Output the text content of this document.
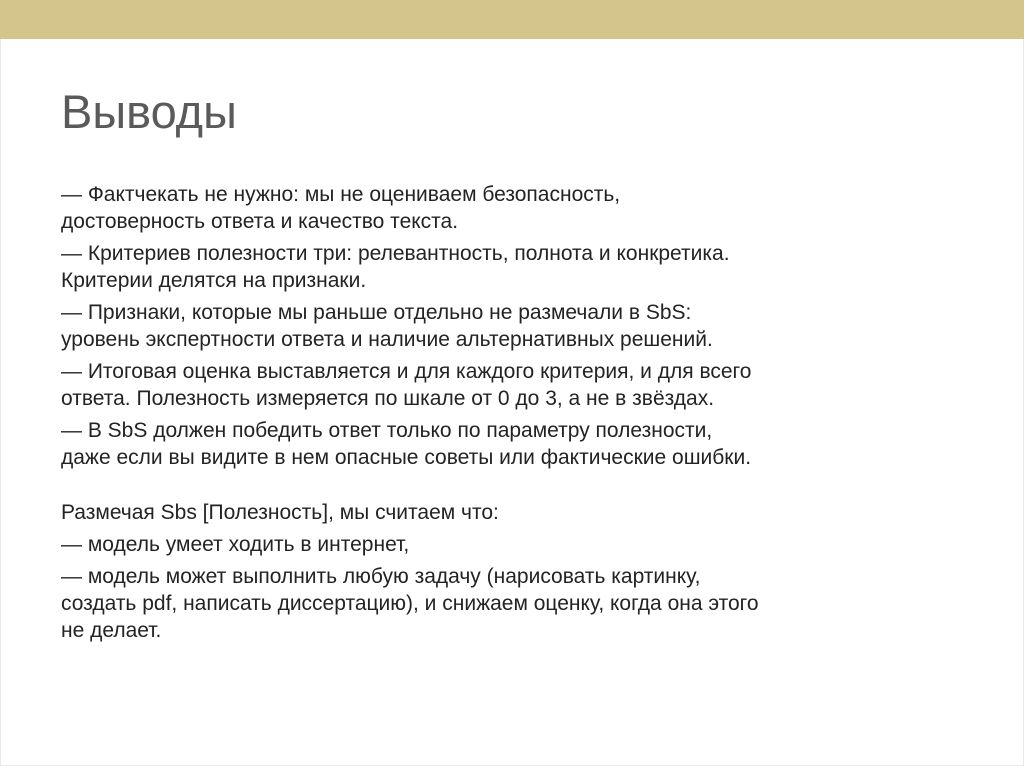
Выводы

— Фактчекать не нужно: мы не оцениваем безопасность,
достоверность ответа и качество текста.

— Критериев полезности три: релевантность, полнота и конкретика.
Критерии делятся на признаки.

— Признаки, которые мы раньше отдельно не размечали в SbS:
уровень экспертности ответа и наличие альтернативных решений.

— Итоговая оценка выставляется и для каждого критерия, и для всего
ответа. Полезность измеряется по шкале от 0 до 3, а не в звёздах.

— В SbS должен победить ответ только по параметру полезности,
даже если вы видите в нем опасные советы или фактические ошибки.

Размечая Sbs [Полезность], мы считаем что:

— модель умеет ходить в интернет,

— модель может выполнить любую задачу (нарисовать картинку,
создать pdf, написать диссертацию), и снижаем оценку, когда она этого
не делает.
